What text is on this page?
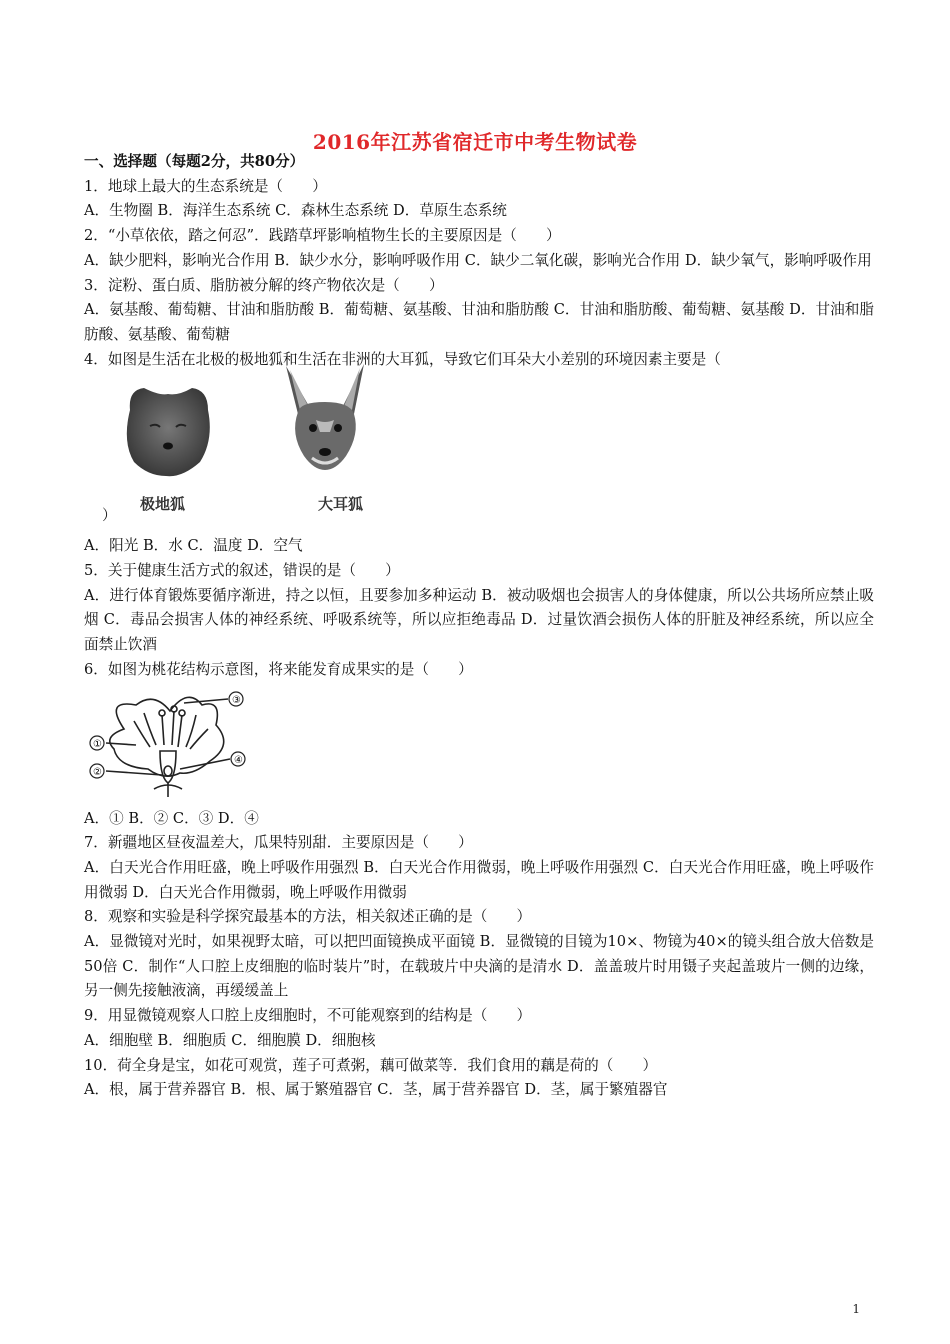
2016年江苏省宿迁市中考生物试卷
一、选择题（每题2分，共80分）
1．地球上最大的生态系统是（　　）
A．生物圈 B．海洋生态系统 C．森林生态系统 D．草原生态系统
2．“小草依依，踏之何忍”．践踏草坪影响植物生长的主要原因是（　　）
A．缺少肥料，影响光合作用 B．缺少水分，影响呼吸作用 C．缺少二氧化碳，影响光合作用 D．缺少氧气，影响呼吸作用
3．淀粉、蛋白质、脂肪被分解的终产物依次是（　　）
A．氨基酸、葡萄糖、甘油和脂肪酸 B．葡萄糖、氨基酸、甘油和脂肪酸 C．甘油和脂肪酸、葡萄糖、氨基酸 D．甘油和脂肪酸、氨基酸、葡萄糖
4．如图是生活在北极的极地狐和生活在非洲的大耳狐，导致它们耳朵大小差别的环境因素主要是（
极地狐	大耳狐
）
A．阳光 B．水 C．温度 D．空气
5．关于健康生活方式的叙述，错误的是（　　）
A．进行体育锻炼要循序渐进，持之以恒，且要参加多种运动 B．被动吸烟也会损害人的身体健康，所以公共场所应禁止吸烟 C．毒品会损害人体的神经系统、呼吸系统等，所以应拒绝毒品 D．过量饮酒会损伤人体的肝脏及神经系统，所以应全面禁止饮酒
6．如图为桃花结构示意图，将来能发育成果实的是（　　）
①
②
③
④
A．① B．② C．③ D．④
7．新疆地区昼夜温差大，瓜果特别甜．主要原因是（　　）
A．白天光合作用旺盛，晚上呼吸作用强烈 B．白天光合作用微弱，晚上呼吸作用强烈 C．白天光合作用旺盛，晚上呼吸作用微弱 D．白天光合作用微弱，晚上呼吸作用微弱
8．观察和实验是科学探究最基本的方法，相关叙述正确的是（　　）
A．显微镜对光时，如果视野太暗，可以把凹面镜换成平面镜 B．显微镜的目镜为10×、物镜为40×的镜头组合放大倍数是50倍 C．制作“人口腔上皮细胞的临时装片”时，在载玻片中央滴的是清水 D．盖盖玻片时用镊子夹起盖玻片一侧的边缘，另一侧先接触液滴，再缓缓盖上
9．用显微镜观察人口腔上皮细胞时，不可能观察到的结构是（　　）
A．细胞壁 B．细胞质 C．细胞膜 D．细胞核
10．荷全身是宝，如花可观赏，莲子可煮粥，藕可做菜等．我们食用的藕是荷的（　　）
A．根，属于营养器官 B．根、属于繁殖器官 C．茎，属于营养器官 D．茎，属于繁殖器官
1
